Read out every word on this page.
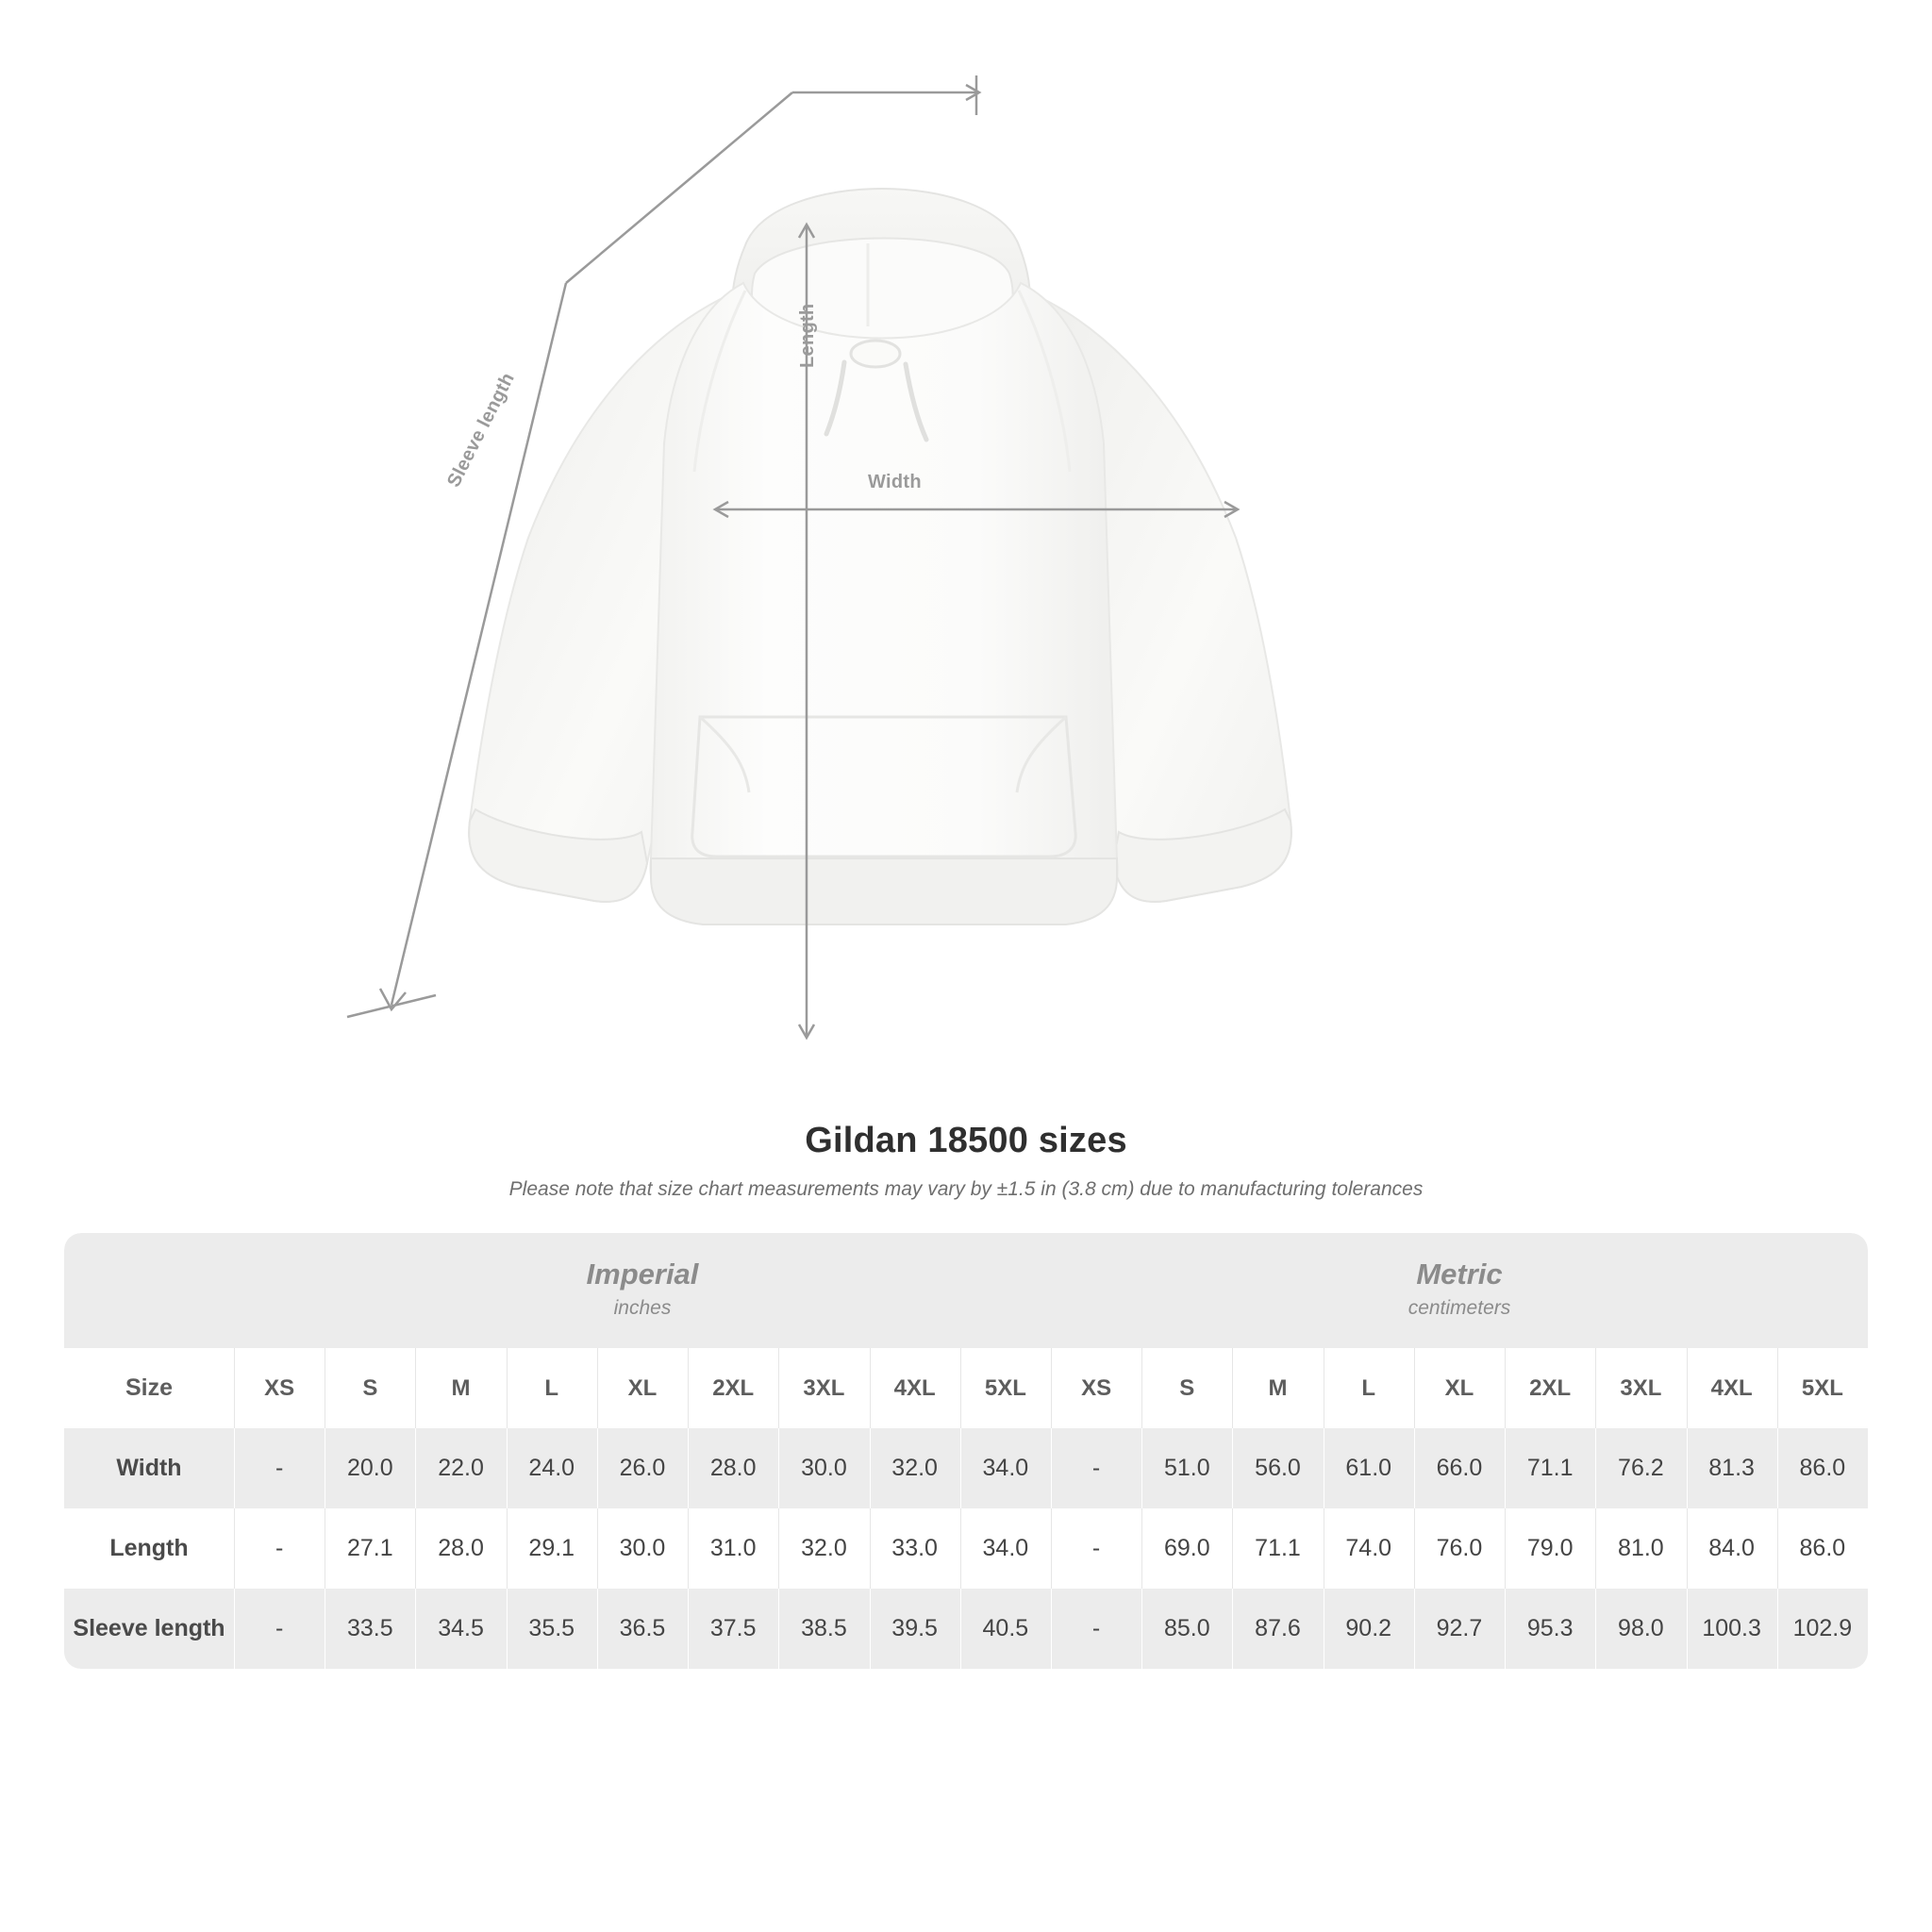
Width
Length
Sleeve length
Gildan 18500 sizes
Please note that size chart measurements may vary by ±1.5 in (3.8 cm) due to manufacturing tolerances

Imperial
inches

Metric
centimeters

Size	XS	S	M	L	XL	2XL	3XL	4XL	5XL	XS	S	M	L	XL	2XL	3XL	4XL	5XL
Width	-	20.0	22.0	24.0	26.0	28.0	30.0	32.0	34.0	-	51.0	56.0	61.0	66.0	71.1	76.2	81.3	86.0
Length	-	27.1	28.0	29.1	30.0	31.0	32.0	33.0	34.0	-	69.0	71.1	74.0	76.0	79.0	81.0	84.0	86.0
Sleeve length	-	33.5	34.5	35.5	36.5	37.5	38.5	39.5	40.5	-	85.0	87.6	90.2	92.7	95.3	98.0	100.3	102.9
